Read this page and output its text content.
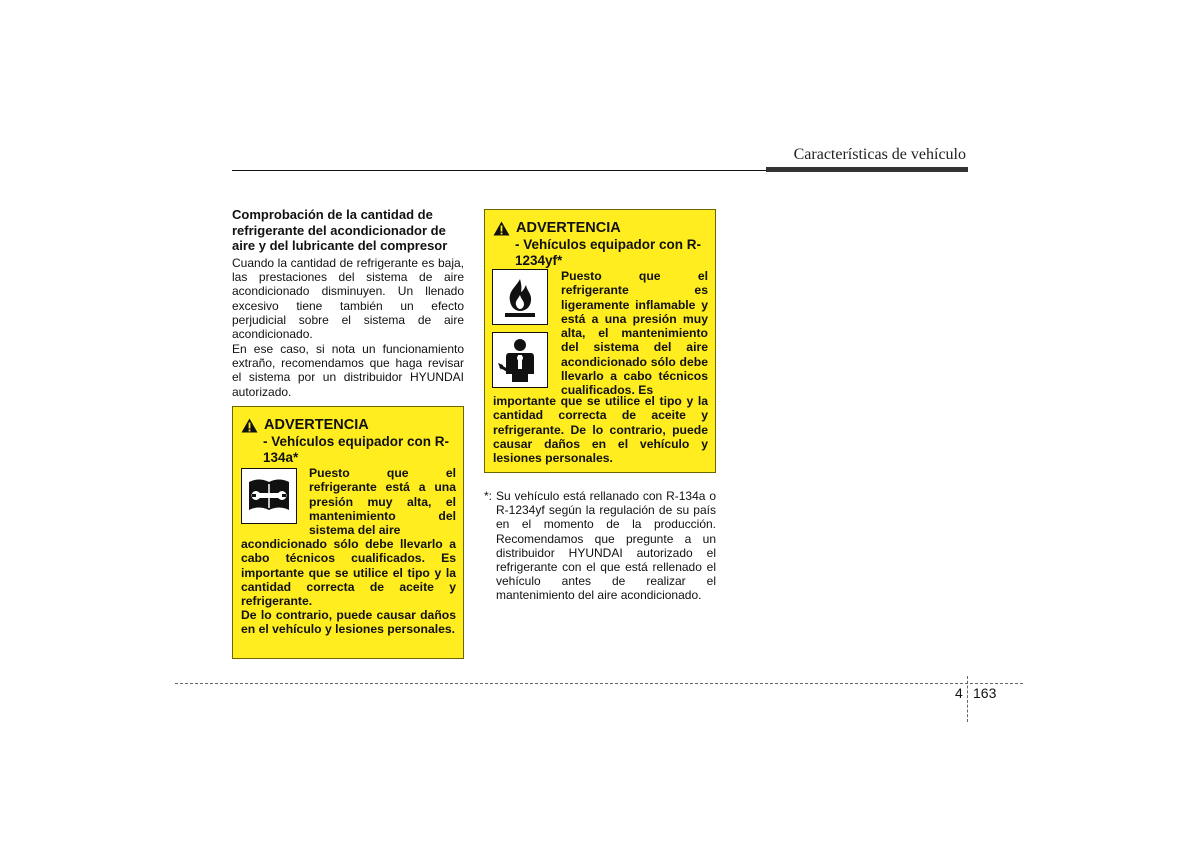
Características de vehículo
Comprobación de la cantidad de refrigerante del acondicionador de aire y del lubricante del compresor

Cuando la cantidad de refrigerante es baja, las prestaciones del sistema de aire acondicionado disminuyen. Un llenado excesivo tiene también un efecto perjudicial sobre el sistema de aire acondicionado.

En ese caso, si nota un funcionamiento extraño, recomendamos que haga revisar el sistema por un distribuidor HYUNDAI autorizado.

ADVERTENCIA
- Vehículos equipador con R-134a*

Puesto que el refrigerante está a una presión muy alta, el mantenimiento del sistema del aire

acondicionado sólo debe llevarlo a cabo técnicos cualificados. Es importante que se utilice el tipo y la cantidad correcta de aceite y refrigerante.

De lo contrario, puede causar daños en el vehículo y lesiones personales.

ADVERTENCIA
- Vehículos equipador con R-1234yf*

Puesto que el refrigerante es ligeramente inflamable y está a una presión muy alta, el mantenimiento del sistema del aire acondicionado sólo debe llevarlo a cabo técnicos cualificados. Es

importante que se utilice el tipo y la cantidad correcta de aceite y refrigerante. De lo contrario, puede causar daños en el vehículo y lesiones personales.

*: Su vehículo está rellanado con R-134a o R-1234yf según la regulación de su país en el momento de la producción. Recomendamos que pregunte a un distribuidor HYUNDAI autorizado el refrigerante con el que está rellenado el vehículo antes de realizar el mantenimiento del aire acondicionado.
4 163
